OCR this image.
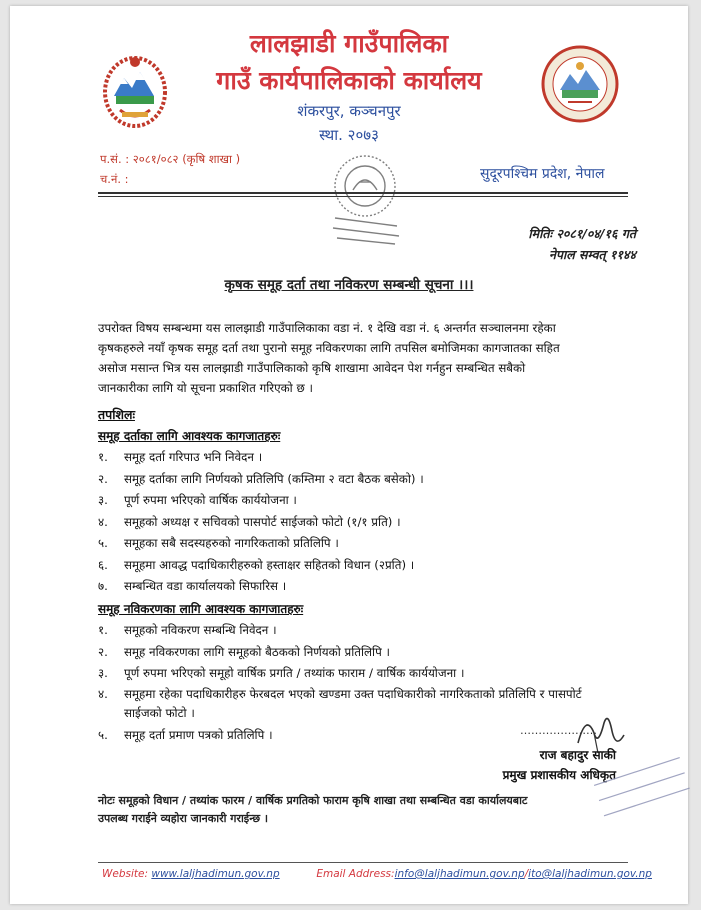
लालझाडी गाउँपालिका
गाउँ कार्यपालिकाको कार्यालय
शंकरपुर, कञ्चनपुर
स्था. २०७३
प.सं. : २०८१/०८२ (कृषि शाखा )
च.नं. :	सुदूरपश्चिम प्रदेश, नेपाल
मितिः २०८१/०४/१६ गते
नेपाल सम्वत् ११४४
कृषक समूह दर्ता तथा नविकरण सम्बन्धी सूचना ।।।
उपरोक्त विषय सम्बन्धमा यस लालझाडी गाउँपालिकाका वडा नं. १ देखि वडा नं. ६ अन्तर्गत सञ्चालनमा रहेका
कृषकहरुले नयाँ कृषक समूह दर्ता तथा पुरानो समूह नविकरणका लागि तपसिल बमोजिमका कागजातका सहित
असोज मसान्त भित्र यस लालझाडी गाउँपालिकाको कृषि शाखामा आवेदन पेश गर्नहुन सम्बन्धित सबैको
जानकारीका लागि यो सूचना प्रकाशित गरिएको छ ।
तपशिलः
समूह दर्ताका लागि आवश्यक कागजातहरुः
१.	समूह दर्ता गरिपाउ भनि निवेदन ।
२.	समूह दर्ताका लागि निर्णयको प्रतिलिपि (कम्तिमा २ वटा बैठक बसेको) ।
३.	पूर्ण रुपमा भरिएको वार्षिक कार्ययोजना ।
४.	समूहको अध्यक्ष र सचिवको पासपोर्ट साईजको फोटो (१/१ प्रति) ।
५.	समूहका सबै सदस्यहरुको नागरिकताको प्रतिलिपि ।
६.	समूहमा आवद्ध पदाधिकारीहरुको हस्ताक्षर सहितको विधान (२प्रति) ।
७.	सम्बन्धित वडा कार्यालयको सिफारिस ।
समूह नविकरणका लागि आवश्यक कागजातहरुः
१.	समूहको नविकरण सम्बन्धि निवेदन ।
२.	समूह नविकरणका लागि समूहको बैठकको निर्णयको प्रतिलिपि ।
३.	पूर्ण रुपमा भरिएको समूहो वार्षिक प्रगति / तथ्यांक फाराम / वार्षिक कार्ययोजना ।
४.	समूहमा रहेका पदाधिकारीहरु फेरबदल भएको खण्डमा उक्त पदाधिकारीको नागरिकताको प्रतिलिपि र पासपोर्ट साईजको फोटो ।
५.	समूह दर्ता प्रमाण पत्रको प्रतिलिपि ।	…………………
राज बहादुर साकी
प्रमुख प्रशासकीय अधिकृत
नोटः समूहको विधान / तथ्यांक फारम / वार्षिक प्रगतिको फाराम कृषि शाखा तथा सम्बन्धित वडा कार्यालयबाट
उपलब्ध गराईने व्यहोरा जानकारी गराईन्छ ।
Website: www.laljhadimun.gov.np	Email Address:info@laljhadimun.gov.np/ito@laljhadimun.gov.np
